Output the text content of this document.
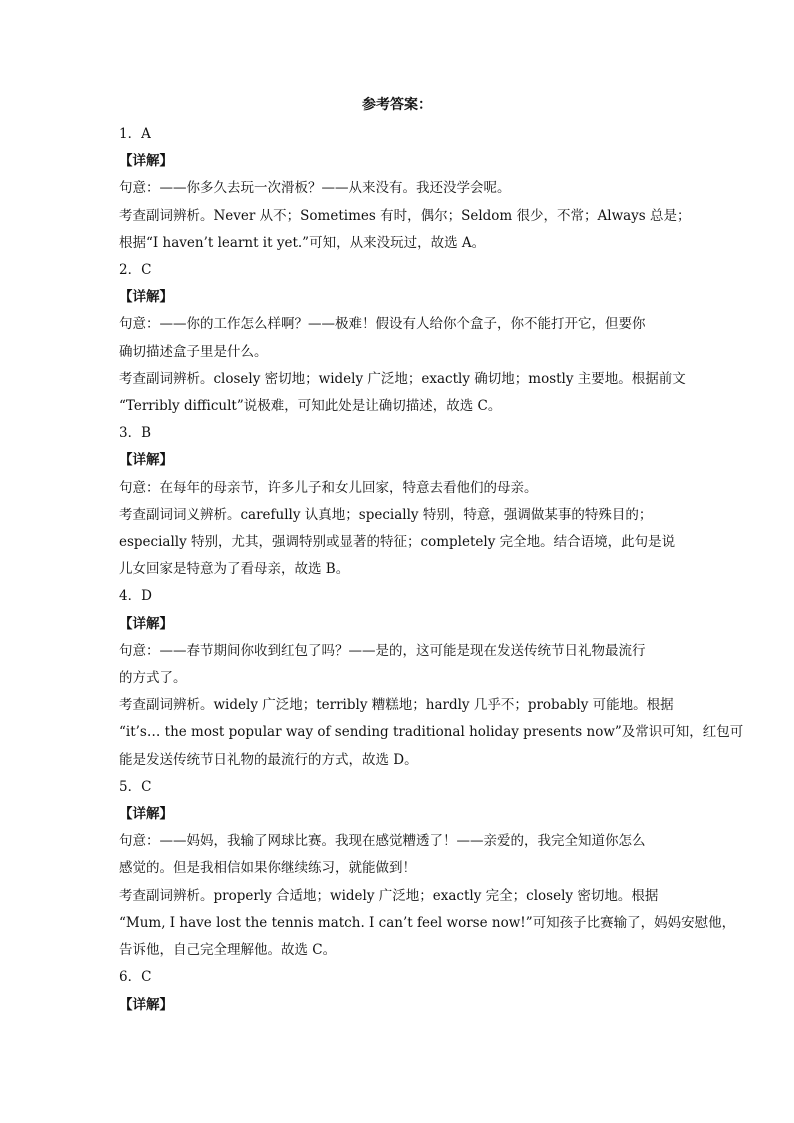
参考答案：
1．A
【详解】
句意：——你多久去玩一次滑板？——从来没有。我还没学会呢。
考查副词辨析。Never 从不；Sometimes 有时，偶尔；Seldom 很少，不常；Always 总是；
根据“I haven’t learnt it yet.”可知，从来没玩过，故选 A。
2．C
【详解】
句意：——你的工作怎么样啊？——极难！假设有人给你个盒子，你不能打开它，但要你
确切描述盒子里是什么。
考查副词辨析。closely 密切地；widely 广泛地；exactly 确切地；mostly 主要地。根据前文
“Terribly difficult”说极难，可知此处是让确切描述，故选 C。
3．B
【详解】
句意：在每年的母亲节，许多儿子和女儿回家，特意去看他们的母亲。
考查副词词义辨析。carefully 认真地；specially 特别，特意，强调做某事的特殊目的；
especially 特别，尤其，强调特别或显著的特征；completely 完全地。结合语境，此句是说
儿女回家是特意为了看母亲，故选 B。
4．D
【详解】
句意：——春节期间你收到红包了吗？——是的，这可能是现在发送传统节日礼物最流行
的方式了。
考查副词辨析。widely 广泛地；terribly 糟糕地；hardly 几乎不；probably 可能地。根据
“it’s… the most popular way of sending traditional holiday presents now”及常识可知，红包可
能是发送传统节日礼物的最流行的方式，故选 D。
5．C
【详解】
句意：——妈妈，我输了网球比赛。我现在感觉糟透了！——亲爱的，我完全知道你怎么
感觉的。但是我相信如果你继续练习，就能做到！
考查副词辨析。properly 合适地；widely 广泛地；exactly 完全；closely 密切地。根据
“Mum, I have lost the tennis match. I can’t feel worse now!”可知孩子比赛输了，妈妈安慰他，
告诉他，自己完全理解他。故选 C。
6．C
【详解】
